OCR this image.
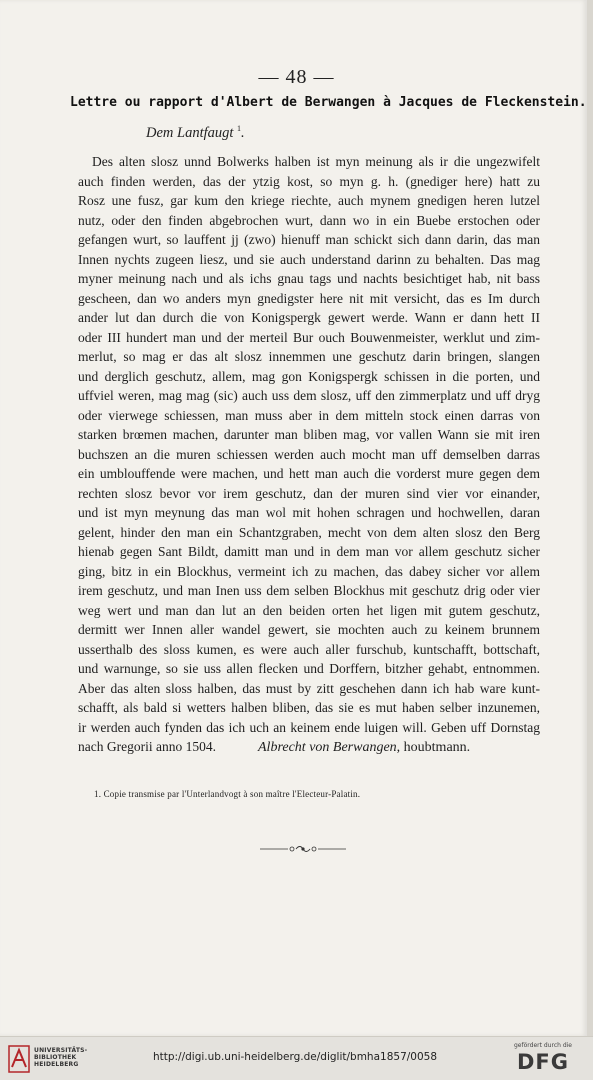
— 48 —
Lettre ou rapport d'Albert de Berwangen à Jacques de Fleckenstein.
Dem Lantfaugt $^1$.
Des alten slosz unnd Bolwerks halben ist myn meinung als ir die ungezwifelt
auch finden werden, das der ytzig kost, so myn g. h. (gnediger here) hatt zu
Rosz une fusz, gar kum den kriege riechte, auch mynem gnedigen heren lutzel
nutz, oder den finden abgebrochen wurt, dann wo in ein Buebe erstochen oder
gefangen wurt, so lauffent jj (zwo) hienuff man schickt sich dann darin, das man
Innen nychts zugeen liesz, und sie auch understand darinn zu behalten. Das mag
myner meinung nach und als ichs gnau tags und nachts besichtiget hab, nit bass
gescheen, dan wo anders myn gnedigster here nit mit versicht, das es Im durch
ander lut dan durch die von Konigspergk gewert werde. Wann er dann hett II
oder III hundert man und der merteil Bur ouch Bouwenmeister, werklut und zim-
merlut, so mag er das alt slosz innemmen une geschutz darin bringen, slangen
und derglich geschutz, allem, mag gon Konigspergk schissen in die porten, und
uffviel weren, mag mag (sic) auch uss dem slosz, uff den zimmerplatz und uff dryg
oder vierwege schiessen, man muss aber in dem mitteln stock einen darras von
starken brœmen machen, darunter man bliben mag, vor vallen Wann sie mit iren
buchszen an die muren schiessen werden auch mocht man uff demselben darras
ein umblouffende were machen, und hett man auch die vorderst mure gegen dem
rechten slosz bevor vor irem geschutz, dan der muren sind vier vor einander,
und ist myn meynung das man wol mit hohen schragen und hochwellen, daran
gelent, hinder den man ein Schantzgraben, mecht von dem alten slosz den Berg
hienab gegen Sant Bildt, damitt man und in dem man vor allem geschutz sicher
ging, bitz in ein Blockhus, vermeint ich zu machen, das dabey sicher vor allem
irem geschutz, und man Inen uss dem selben Blockhus mit geschutz drig oder vier
weg wert und man dan lut an den beiden orten het ligen mit gutem geschutz,
dermitt wer Innen aller wandel gewert, sie mochten auch zu keinem brunnem
usserthalb des sloss kumen, es were auch aller furschub, kuntschafft, bottschaft,
und warnunge, so sie uss allen flecken und Dorffern, bitzher gehabt, entnommen.
Aber das alten sloss halben, das must by zitt geschehen dann ich hab ware kunt-
schafft, als bald si wetters halben bliben, das sie es mut haben selber inzunemen,
ir werden auch fynden das ich uch an keinem ende luigen will. Geben uff Dornstag
nach Gregorii anno 1504.	Albrecht von Berwangen, houbtmann.
1. Copie transmise par l'Unterlandvogt à son maître l'Electeur-Palatin.
UNIVERSITÄTS-
BIBLIOTHEK
HEIDELBERG
http://digi.ub.uni-heidelberg.de/diglit/bmha1857/0058
gefördert durch die
DFG
